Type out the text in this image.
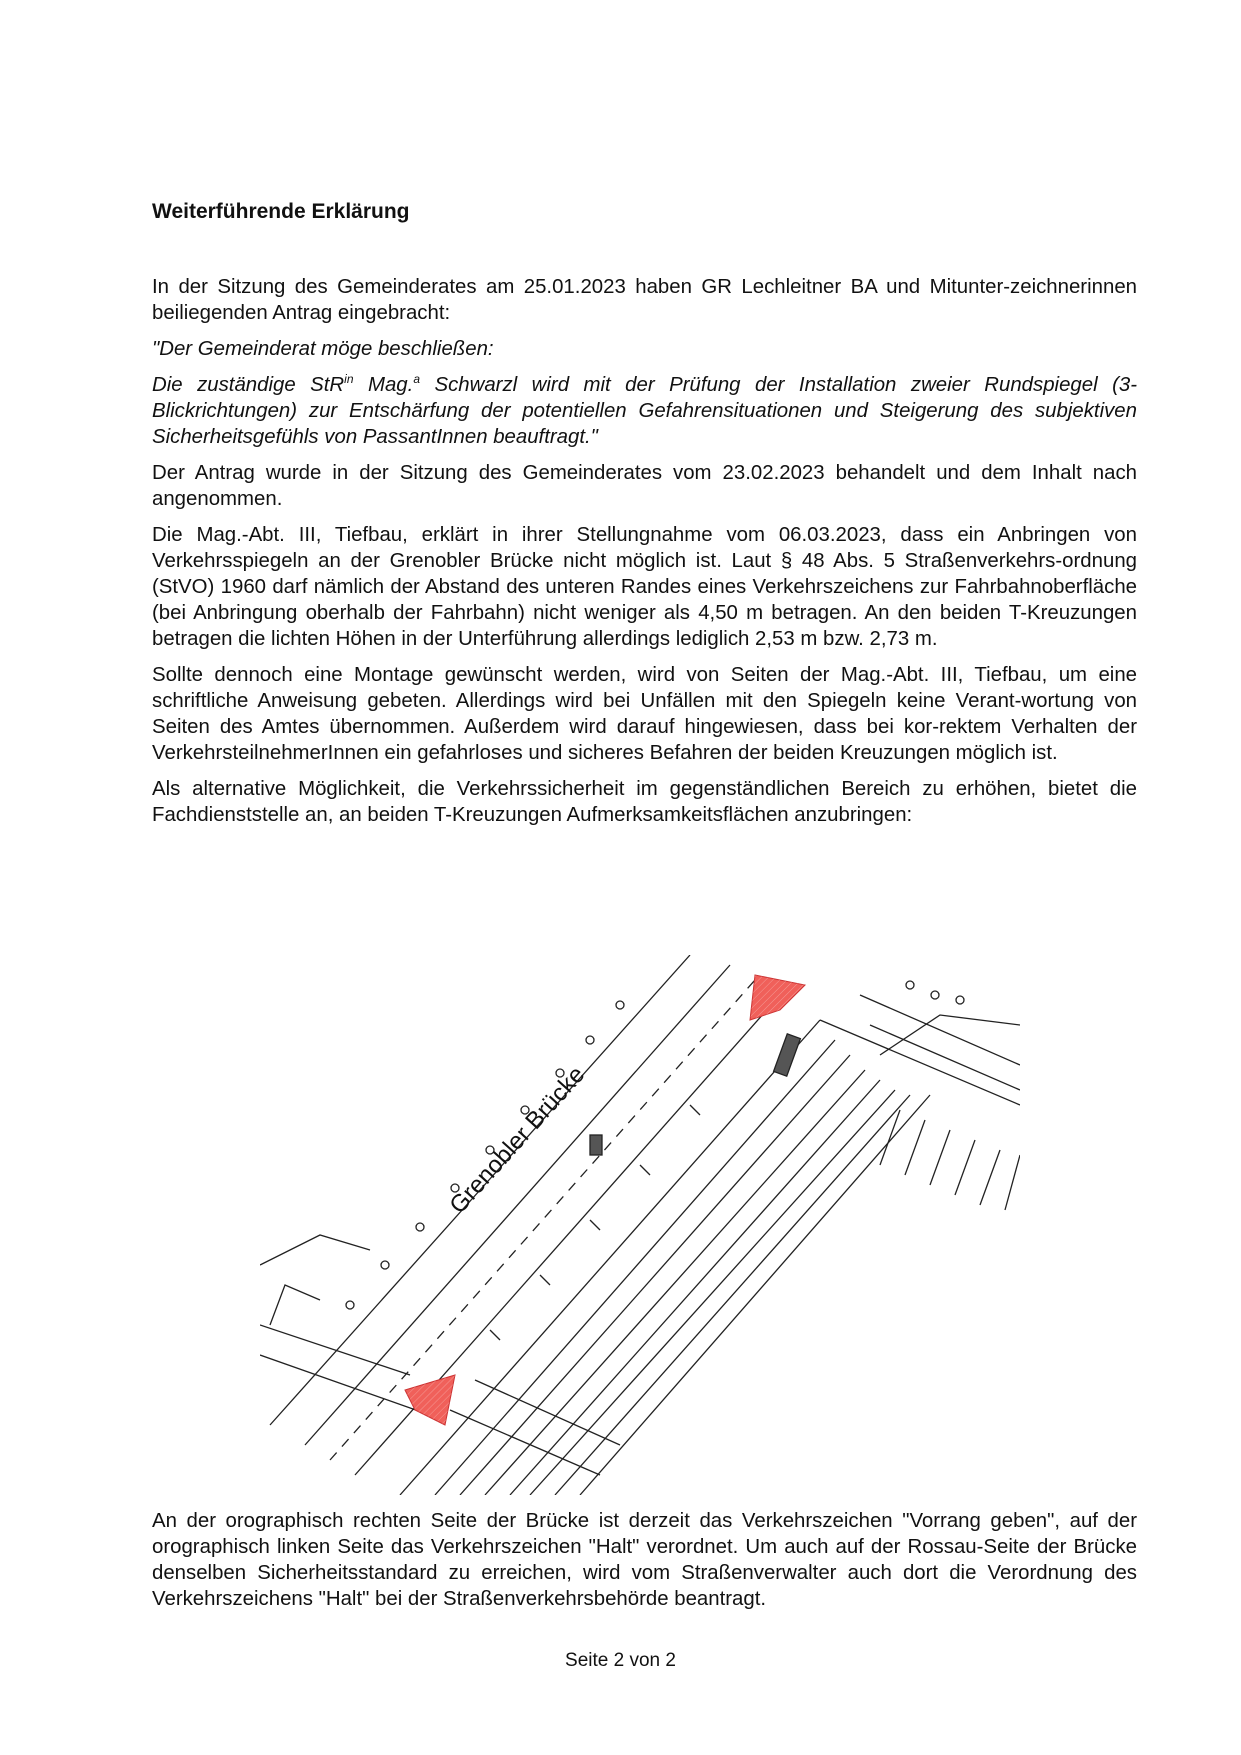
Weiterführende Erklärung

In der Sitzung des Gemeinderates am 25.01.2023 haben GR Lechleitner BA und Mitunter-zeichnerinnen beiliegenden Antrag eingebracht:

"Der Gemeinderat möge beschließen:

Die zuständige StR$^{in}$ Mag.$^a$ Schwarzl wird mit der Prüfung der Installation zweier Rundspiegel (3-Blickrichtungen) zur Entschärfung der potentiellen Gefahrensituationen und Steigerung des subjektiven Sicherheitsgefühls von PassantInnen beauftragt."

Der Antrag wurde in der Sitzung des Gemeinderates vom 23.02.2023 behandelt und dem Inhalt nach angenommen.

Die Mag.-Abt. III, Tiefbau, erklärt in ihrer Stellungnahme vom 06.03.2023, dass ein Anbringen von Verkehrsspiegeln an der Grenobler Brücke nicht möglich ist. Laut § 48 Abs. 5 Straßenverkehrs-ordnung (StVO) 1960 darf nämlich der Abstand des unteren Randes eines Verkehrszeichens zur Fahrbahnoberfläche (bei Anbringung oberhalb der Fahrbahn) nicht weniger als 4,50 m betragen. An den beiden T-Kreuzungen betragen die lichten Höhen in der Unterführung allerdings lediglich 2,53 m bzw. 2,73 m.

Sollte dennoch eine Montage gewünscht werden, wird von Seiten der Mag.-Abt. III, Tiefbau, um eine schriftliche Anweisung gebeten. Allerdings wird bei Unfällen mit den Spiegeln keine Verant-wortung von Seiten des Amtes übernommen. Außerdem wird darauf hingewiesen, dass bei kor-rektem Verhalten der VerkehrsteilnehmerInnen ein gefahrloses und sicheres Befahren der beiden Kreuzungen möglich ist.

Als alternative Möglichkeit, die Verkehrssicherheit im gegenständlichen Bereich zu erhöhen, bietet die Fachdienststelle an, an beiden T-Kreuzungen Aufmerksamkeitsflächen anzubringen:

Grenobler Brücke

An der orographisch rechten Seite der Brücke ist derzeit das Verkehrszeichen "Vorrang geben", auf der orographisch linken Seite das Verkehrszeichen "Halt" verordnet. Um auch auf der Rossau-Seite der Brücke denselben Sicherheitsstandard zu erreichen, wird vom Straßenverwalter auch dort die Verordnung des Verkehrszeichens "Halt" bei der Straßenverkehrsbehörde beantragt.

Seite 2 von 2
